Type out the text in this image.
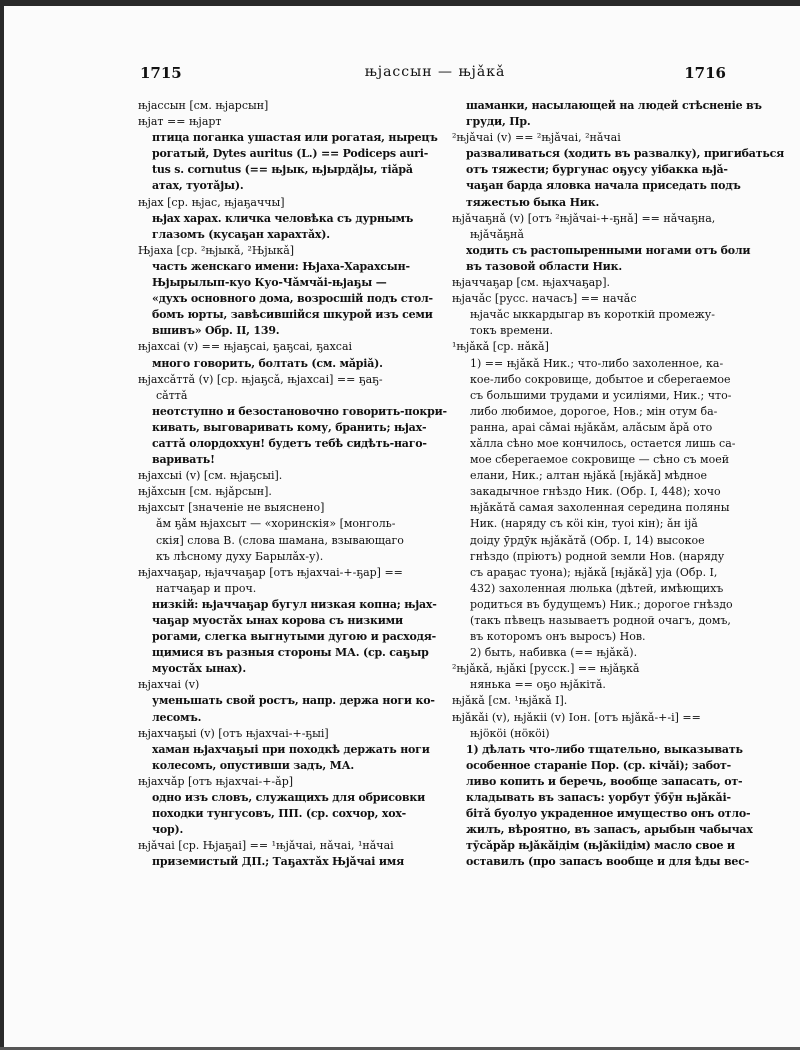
1715	њјассын — њјǎкǎ	1716
њјассын [см. њјарсын]
њјат == њјарт
птица поганка ушастая или рогатая, нырецъ
рогатый, Dytes auritus (L.) == Podiceps auri-
tus s. cornutus (== њјык, њјырдǎјы, тiǎрǎ
атах, туотǎјы).
њјах [ср. њјас, њјаҕаччы]
њјах харах. кличка человѣка съ дурнымъ
глазомъ (кусаҕан харахтǎх).
Њјаха [ср. ²њјыкǎ, ²Њјыкǎ]
часть женскаго имени: Њјаха-Харахсын-
Њјырылып-куо Куо-Чǎмчǎi-њјаҕы —
«духъ основного дома, возросшiй подъ стол-
бомъ юрты, завѣсившiйся шкурой изъ семи
вшивъ» Обр. II, 139.
њјахсаi (v) == њјаҕсаi, ҕаҕсаi, ҕахсаi
много говорить, болтать (см. мǎрiǎ).
њјахсǎттǎ (v) [ср. њјаҕсǎ, њјахсаi] == ҕаҕ-
сǎттǎ
неотступно и безостановочно говорить-покри-
кивать, выговаривать кому, бранить; њјах-
саттǎ олордоххун! будетъ тебѣ сидѣть-наго-
варивать!
њјахсыi (v) [см. њјаҕсыi].
њјǎхсын [см. њјǎрсын].
њјахсыт [значенiе не выяснено]
ǎм ҕǎм њјахсыт — «хоринскiя» [монголь-
скiя] слова В. (слова шамана, взывающаго
къ лѣсному духу Барылǎх-у).
њјахчаҕар, њјаччаҕар [отъ њјахчаi-+-ҕар] ==
натчаҕар и проч.
низкiй: њјаччаҕар бугул низкая копна; њјах-
чаҕар муостǎх ынах корова съ низкими
рогами, слегка выгнутыми дугою и расходя-
щимися въ разныя стороны МА. (ср. саҕыр
муостǎх ынах).
њјахчаi (v)
уменьшать свой ростъ, напр. держа ноги ко-
лесомъ.
њјахчаҕыi (v) [отъ њјахчаi-+-ҕыi]
хаман њјахчаҕыi при походкѣ держать ноги
колесомъ, опустивши задъ, МА.
њјахчǎр [отъ њјахчаi-+-ǎр]
одно изъ словъ, служащихъ для обрисовки
походки тунгусовъ, ПП. (ср. сохчор, хох-
чор).
њјǎчаi [ср. Њјаҕаi] == ¹њјǎчаi, нǎчаi, ¹нǎчаi
приземистый ДП.; Таҕахтǎх Њјǎчаi имя
шаманки, насылающей на людей стѣсненiе въ
груди, Пр.
²њјǎчаi (v) == ²њјǎчаi, ²нǎчаi
разваливаться (ходить въ развалку), пригибаться
отъ тяжести; бургунас оҕусу уiбакка њјǎ-
чаҕан барда яловка начала приседать подъ
тяжестью быка Ник.
њјǎчаҕнǎ (v) [отъ ²њјǎчаi-+-ҕнǎ] == нǎчаҕна,
њјǎчǎҕнǎ
ходить съ растопыренными ногами отъ боли
въ тазовой области Ник.
њјаччаҕар [см. њјахчаҕар].
њјачǎс [русс. начасъ] == начǎс
њјачǎс ыккардыгар въ короткiй промежу-
токъ времени.
¹њјǎкǎ [ср. нǎкǎ]
1) == њјǎкǎ Ник.; что-либо захоленное, ка-
кое-либо сокровище, добытое и сбереrаемое
съ большими трудами и усилiями, Ник.; что-
либо любимое, дорогое, Нов.; мiн отум ба-
ранна, араi сǎмаi њјǎкǎм, алǎсым ǎрǎ ото
хǎлла сѣно мое кончилось, остается лишь са-
мое сбереrаемое сокровище — сѣно съ моей
елани, Ник.; алтан њјǎкǎ [њјǎкǎ] мѣдное
закадычное гнѣздо Ник. (Обр. I, 448); хочо
њјǎкǎтǎ самая захоленная середина поляны
Ник. (наряду съ кöi кiн, туоi кiн); ǎн iјǎ
доiду ӯрдӯк њјǎкǎтǎ (Обр. I, 14) высокое
гнѣздо (прiютъ) родной земли Нов. (наряду
съ араҕас туона); њјǎкǎ [њјǎкǎ] уја (Обр. I,
432) захоленная люлька (дѣтей, имѣющихъ
родиться въ будущемъ) Ник.; дорогое гнѣздо
(такъ пѣвецъ называетъ родной очагъ, домъ,
въ которомъ онъ выросъ) Нов.
2) быть, набивка (== њјǎкǎ).
²њјǎкǎ, њјǎкi [русск.] == њјǎҕкǎ
нянька == оҕо њјǎкiтǎ.
њјǎкǎ [см. ¹њјǎкǎ I].
њјǎкǎi (v), њјǎкii (v) Іон. [отъ њјǎкǎ-+-i] ==
њјöкöi (нöкöi)
1) дѣлать что-либо тщательно, выказывать
особенное старанiе Пор. (ср. кiчǎi); забот-
ливо копить и беречь, вообще запасать, от-
кладывать въ запасъ: уорбут ӯбӯн њјǎкǎi-
бiтǎ буолуо украденное имущество онъ отло-
жилъ, вѣроятно, въ запасъ, арыбын чабычах
тӯсǎрǎр њјǎкǎiдiм (њјǎкiiдiм) масло свое и
оставилъ (про запасъ вообще и для ѣды вес-
